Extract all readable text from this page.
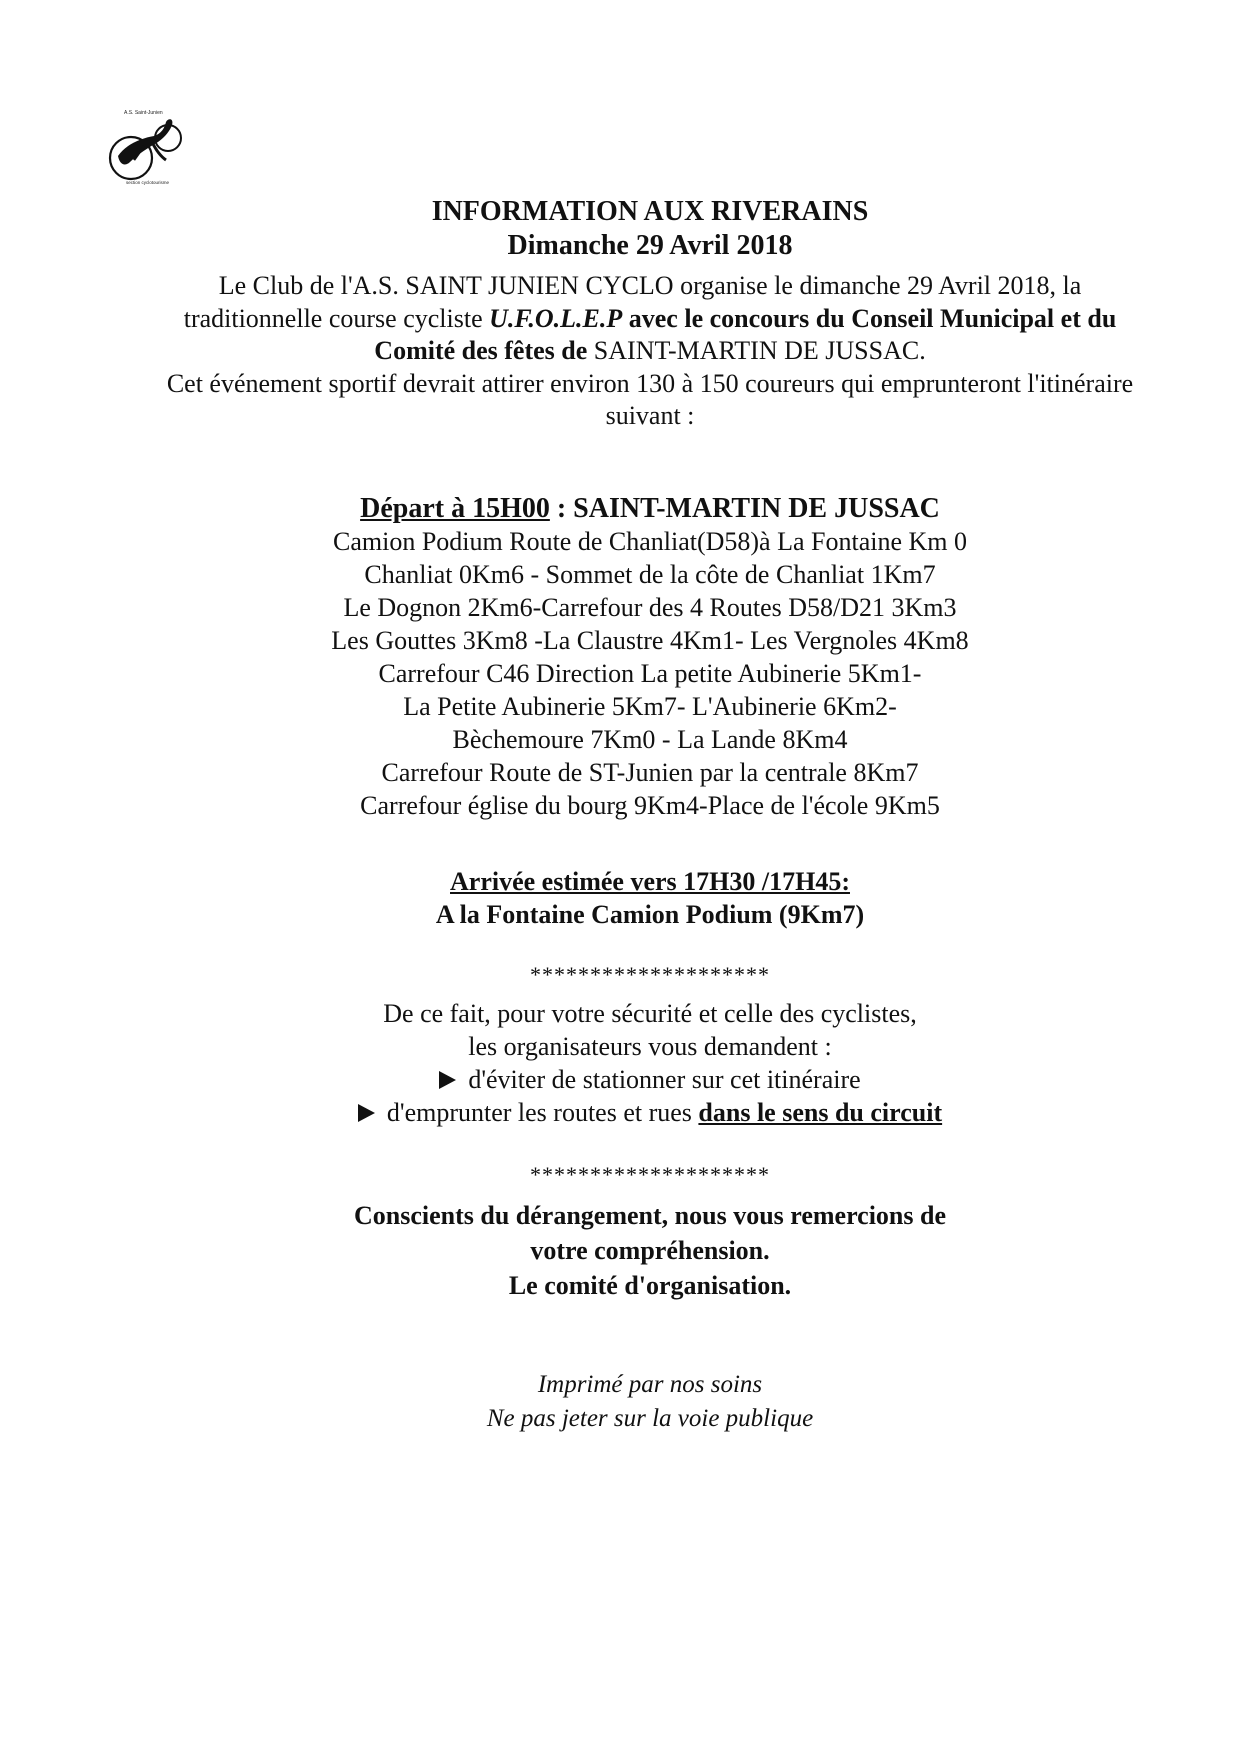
A.S. Saint-Junien
section cyclotourisme
INFORMATION AUX RIVERAINS
Dimanche 29 Avril 2018
Le Club de l'A.S. SAINT JUNIEN CYCLO organise le dimanche 29 Avril 2018, la
traditionnelle course cycliste U.F.O.L.E.P avec le concours du Conseil Municipal et du
Comité des fêtes de SAINT-MARTIN DE JUSSAC.
Cet événement sportif devrait attirer environ 130 à 150 coureurs qui emprunteront l'itinéraire
suivant :
Départ à 15H00 : SAINT-MARTIN DE JUSSAC
Camion Podium Route de Chanliat(D58)à La Fontaine Km 0
Chanliat 0Km6 - Sommet de la côte de Chanliat 1Km7
Le Dognon 2Km6-Carrefour des 4 Routes D58/D21 3Km3
Les Gouttes 3Km8 -La Claustre 4Km1- Les Vergnoles 4Km8
Carrefour C46 Direction La petite Aubinerie 5Km1-
La Petite Aubinerie 5Km7- L'Aubinerie 6Km2-
Bèchemoure 7Km0 - La Lande 8Km4
Carrefour Route de ST-Junien par la centrale 8Km7
Carrefour église du bourg 9Km4-Place de l'école 9Km5
Arrivée estimée vers 17H30 /17H45:
A la Fontaine Camion Podium (9Km7)
********************
De ce fait, pour votre sécurité et celle des cyclistes,
les organisateurs vous demandent :
d'éviter de stationner sur cet itinéraire
d'emprunter les routes et rues dans le sens du circuit
********************
Conscients du dérangement, nous vous remercions de
votre compréhension.
Le comité d'organisation.
Imprimé par nos soins
Ne pas jeter sur la voie publique
